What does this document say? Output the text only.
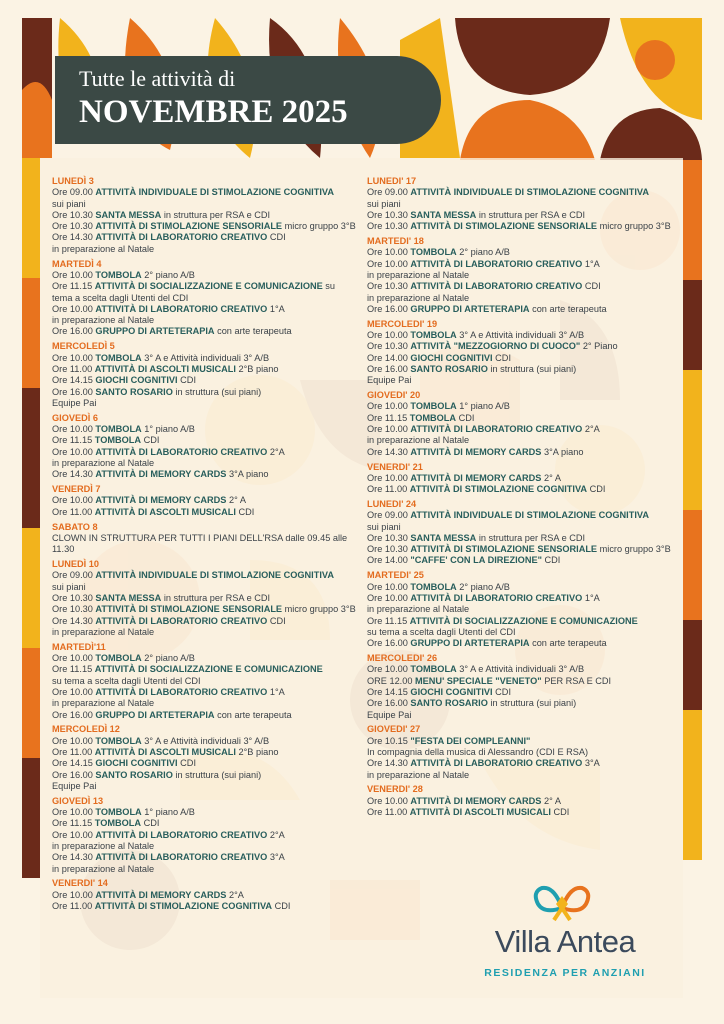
Tutte le attività di
NOVEMBRE 2025
LUNEDÌ 3
Ore 09.00 ATTIVITÀ INDIVIDUALE DI STIMOLAZIONE COGNITIVA
sui piani
Ore 10.30 SANTA MESSA in struttura per RSA e CDI
Ore 10.30 ATTIVITÀ DI STIMOLAZIONE SENSORIALE micro gruppo 3°B
Ore 14.30 ATTIVITÀ DI LABORATORIO CREATIVO CDI
in preparazione al Natale
MARTEDÌ 4
Ore 10.00 TOMBOLA 2° piano A/B
Ore 11.15 ATTIVITÀ DI SOCIALIZZAZIONE E COMUNICAZIONE su
tema a scelta dagli Utenti del CDI
Ore 10.00 ATTIVITÀ DI LABORATORIO CREATIVO 1°A
in preparazione al Natale
Ore 16.00 GRUPPO DI ARTETERAPIA con arte terapeuta
MERCOLEDÌ 5
Ore 10.00 TOMBOLA 3° A e Attività individuali 3° A/B
Ore 11.00 ATTIVITÀ DI ASCOLTI MUSICALI 2°B piano
Ore 14.15 GIOCHI COGNITIVI CDI
Ore 16.00 SANTO ROSARIO in struttura (sui piani)
Equipe Pai
GIOVEDÌ 6
Ore 10.00 TOMBOLA 1° piano A/B
Ore 11.15 TOMBOLA CDI
Ore 10.00 ATTIVITÀ DI LABORATORIO CREATIVO 2°A
in preparazione al Natale
Ore 14.30 ATTIVITÀ DI MEMORY CARDS 3°A piano
VENERDÌ 7
Ore 10.00 ATTIVITÀ DI MEMORY CARDS 2° A
Ore 11.00 ATTIVITÀ DI ASCOLTI MUSICALI CDI
SABATO 8
CLOWN IN STRUTTURA PER TUTTI I PIANI DELL'RSA dalle 09.45 alle
11.30
LUNEDÌ 10
Ore 09.00 ATTIVITÀ INDIVIDUALE DI STIMOLAZIONE COGNITIVA
sui piani
Ore 10.30 SANTA MESSA in struttura per RSA e CDI
Ore 10.30 ATTIVITÀ DI STIMOLAZIONE SENSORIALE micro gruppo 3°B
Ore 14.30 ATTIVITÀ DI LABORATORIO CREATIVO CDI
in preparazione al Natale
MARTEDÌ'11
Ore 10.00 TOMBOLA 2° piano A/B
Ore 11.15 ATTIVITÀ DI SOCIALIZZAZIONE E COMUNICAZIONE
su tema a scelta dagli Utenti del CDI
Ore 10.00 ATTIVITÀ DI LABORATORIO CREATIVO 1°A
in preparazione al Natale
Ore 16.00 GRUPPO DI ARTETERAPIA con arte terapeuta
MERCOLEDÌ 12
Ore 10.00 TOMBOLA 3° A e Attività individuali 3° A/B
Ore 11.00 ATTIVITÀ DI ASCOLTI MUSICALI 2°B piano
Ore 14.15 GIOCHI COGNITIVI CDI
Ore 16.00 SANTO ROSARIO in struttura (sui piani)
Equipe Pai
GIOVEDÌ 13
Ore 10.00 TOMBOLA 1° piano A/B
Ore 11.15 TOMBOLA CDI
Ore 10.00 ATTIVITÀ DI LABORATORIO CREATIVO 2°A
in preparazione al Natale
Ore 14.30 ATTIVITÀ DI LABORATORIO CREATIVO 3°A
in preparazione al Natale
VENERDI' 14
Ore 10.00 ATTIVITÀ DI MEMORY CARDS 2°A
Ore 11.00 ATTIVITÀ DI STIMOLAZIONE COGNITIVA CDI
LUNEDI' 17
Ore 09.00 ATTIVITÀ INDIVIDUALE DI STIMOLAZIONE COGNITIVA
sui piani
Ore 10.30 SANTA MESSA in struttura per RSA e CDI
Ore 10.30 ATTIVITÀ DI STIMOLAZIONE SENSORIALE micro gruppo 3°B
MARTEDI' 18
Ore 10.00 TOMBOLA 2° piano A/B
Ore 10.00 ATTIVITÀ DI LABORATORIO CREATIVO 1°A
in preparazione al Natale
Ore 10.30 ATTIVITÀ DI LABORATORIO CREATIVO CDI
in preparazione al Natale
Ore 16.00 GRUPPO DI ARTETERAPIA con arte terapeuta
MERCOLEDI' 19
Ore 10.00 TOMBOLA 3° A e Attività individuali 3° A/B
Ore 10.30 ATTIVITÀ "MEZZOGIORNO DI CUOCO" 2° Piano
Ore 14.00 GIOCHI COGNITIVI CDI
Ore 16.00 SANTO ROSARIO in struttura (sui piani)
Equipe Pai
GIOVEDI' 20
Ore 10.00 TOMBOLA 1° piano A/B
Ore 11.15 TOMBOLA CDI
Ore 10.00 ATTIVITÀ DI LABORATORIO CREATIVO 2°A
in preparazione al Natale
Ore 14.30 ATTIVITÀ DI MEMORY CARDS 3°A piano
VENERDI' 21
Ore 10.00 ATTIVITÀ DI MEMORY CARDS 2° A
Ore 11.00 ATTIVITÀ DI STIMOLAZIONE COGNITIVA CDI
LUNEDI' 24
Ore 09.00 ATTIVITÀ INDIVIDUALE DI STIMOLAZIONE COGNITIVA
sui piani
Ore 10.30 SANTA MESSA in struttura per RSA e CDI
Ore 10.30 ATTIVITÀ DI STIMOLAZIONE SENSORIALE micro gruppo 3°B
Ore 14.00 "CAFFE' CON LA DIREZIONE" CDI
MARTEDI' 25
Ore 10.00 TOMBOLA 2° piano A/B
Ore 10.00 ATTIVITÀ DI LABORATORIO CREATIVO 1°A
in preparazione al Natale
Ore 11.15 ATTIVITÀ DI SOCIALIZZAZIONE E COMUNICAZIONE
su tema a scelta dagli Utenti del CDI
Ore 16.00 GRUPPO DI ARTETERAPIA con arte terapeuta
MERCOLEDI' 26
Ore 10.00 TOMBOLA 3° A e Attività individuali 3° A/B
ORE 12.00 MENU' SPECIALE "VENETO" PER RSA E CDI
Ore 14.15 GIOCHI COGNITIVI CDI
Ore 16.00 SANTO ROSARIO in struttura (sui piani)
Equipe Pai
GIOVEDI' 27
Ore 10.15 "FESTA DEI COMPLEANNI"
In compagnia della musica di Alessandro (CDI E RSA)
Ore 14.30 ATTIVITÀ DI LABORATORIO CREATIVO 3°A
in preparazione al Natale
VENERDI' 28
Ore 10.00 ATTIVITÀ DI MEMORY CARDS 2° A
Ore 11.00 ATTIVITÀ DI ASCOLTI MUSICALI CDI
Villa Antea
RESIDENZA PER ANZIANI
